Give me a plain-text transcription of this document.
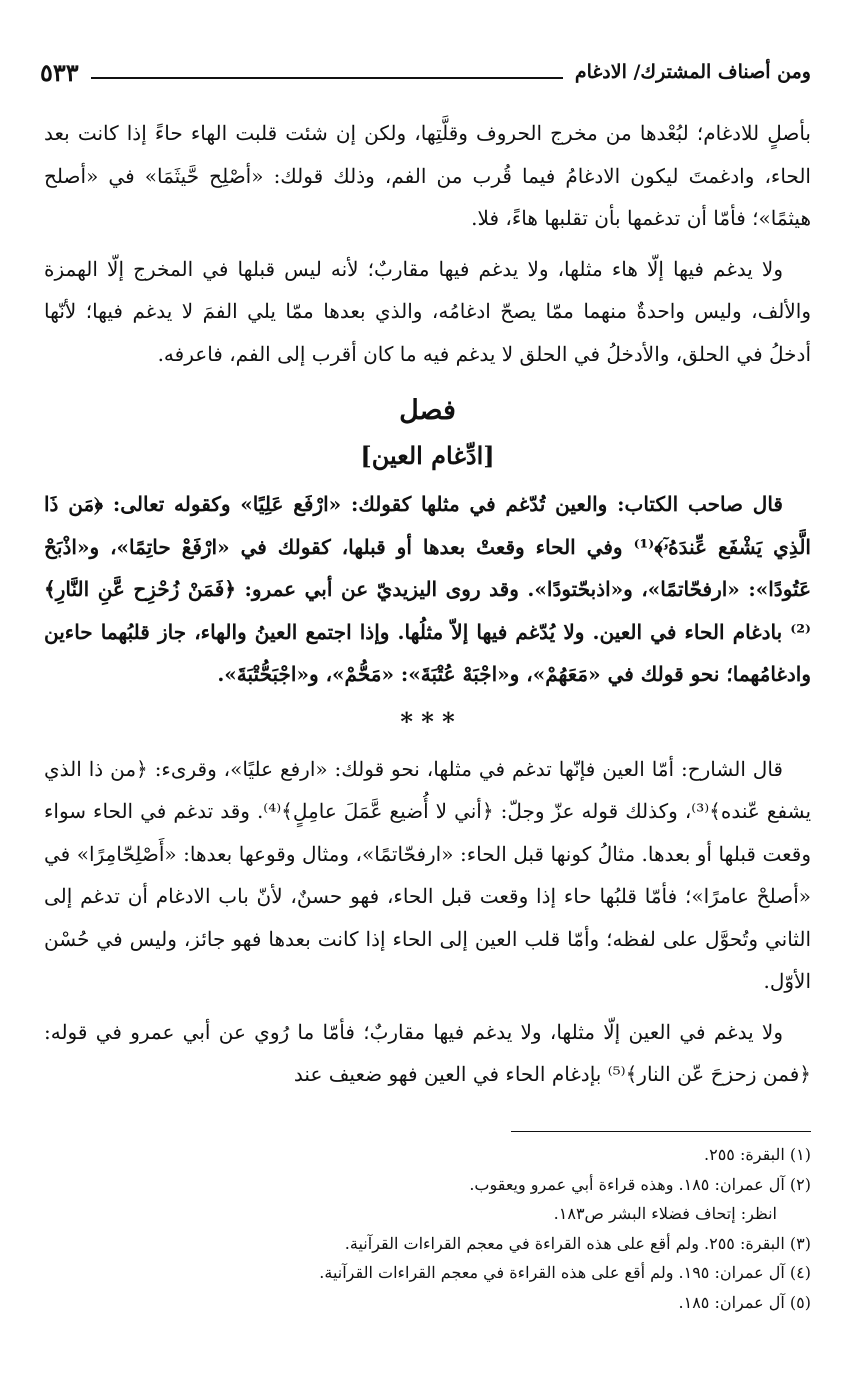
ومن أصناف المشترك/ الادغام
٥٣٣

بأصلٍ للادغام؛ لبُعْدها من مخرج الحروف وقلَّتِها، ولكن إن شئت قلبت الهاء حاءً إذا كانت بعد الحاء، وادغمتَ ليكون الادغامُ فيما قُرب من الفم، وذلك قولك: «أصْلِح حَّيثَمَا» في «أصلح هيثمًا»؛ فأمّا أن تدغمها بأن تقلبها هاءً، فلا.

ولا يدغم فيها إلّا هاء مثلها، ولا يدغم فيها مقاربٌ؛ لأنه ليس قبلها في المخرج إلّا الهمزة والألف، وليس واحدةٌ منهما ممّا يصحّ ادغامُه، والذي بعدها ممّا يلي الفمَ لا يدغم فيها؛ لأنّها أدخلُ في الحلق، والأدخلُ في الحلق لا يدغم فيه ما كان أقرب إلى الفم، فاعرفه.

فصل
[ادِّغام العين]

قال صاحب الكتاب: والعين تُدّغم في مثلها كقولك: «ارْفَع عَلِيًا» وكقوله تعالى: ﴿مَن ذَا الَّذِي يَشْفَع عِّندَهُۥٓ﴾⁽¹⁾ وفي الحاء وقعتْ بعدها أو قبلها، كقولك في «ارْفَعْ حاتِمًا»، و«اذْبَحْ عَتُودًا»: «ارفحّاتمًا»، و«اذبحّتودًا». وقد روى اليزيديّ عن أبي عمرو: ﴿فَمَنْ زُحْزِح عَّنِ النَّارِ﴾⁽²⁾ بادغام الحاء في العين. ولا يُدّغم فيها إلاّ مثلُها. وإذا اجتمع العينُ والهاء، جاز قلبُهما حاءين وادغامُهما؛ نحو قولك في «مَعَهُمْ»، و«اجْبَهْ عُتْبَةَ»: «مَحُّمْ»، و«اجْبَحُّتْبَةَ».

* * *

قال الشارح: أمّا العين فإنّها تدغم في مثلها، نحو قولك: «ارفع عليًا»، وقرىء: ﴿من ذا الذي يشفع عّنده﴾⁽³⁾، وكذلك قوله عزّ وجلّ: ﴿أني لا أُضيع عَّمَلَ عامِلٍ﴾⁽⁴⁾. وقد تدغم في الحاء سواء وقعت قبلها أو بعدها. مثالُ كونها قبل الحاء: «ارفحّاتمًا»، ومثال وقوعها بعدها: «أَصْلِحّامِرًا» في «أصلحْ عامرًا»؛ فأمّا قلبُها حاء إذا وقعت قبل الحاء، فهو حسنٌ، لأنّ باب الادغام أن تدغم إلى الثاني وتُحوَّل على لفظه؛ وأمّا قلب العين إلى الحاء إذا كانت بعدها فهو جائز، وليس في حُسْن الأوّل.

ولا يدغم في العين إلّا مثلها، ولا يدغم فيها مقاربٌ؛ فأمّا ما رُوي عن أبي عمرو في قوله: ﴿فمن زحزحَ عّن النار﴾⁽⁵⁾ بإدغام الحاء في العين فهو ضعيف عند

(١) البقرة: ٢٥٥.
(٢) آل عمران: ١٨٥. وهذه قراءة أبي عمرو ويعقوب.
انظر: إتحاف فضلاء البشر ص١٨٣.
(٣) البقرة: ٢٥٥. ولم أقع على هذه القراءة في معجم القراءات القرآنية.
(٤) آل عمران: ١٩٥. ولم أقع على هذه القراءة في معجم القراءات القرآنية.
(٥) آل عمران: ١٨٥.
